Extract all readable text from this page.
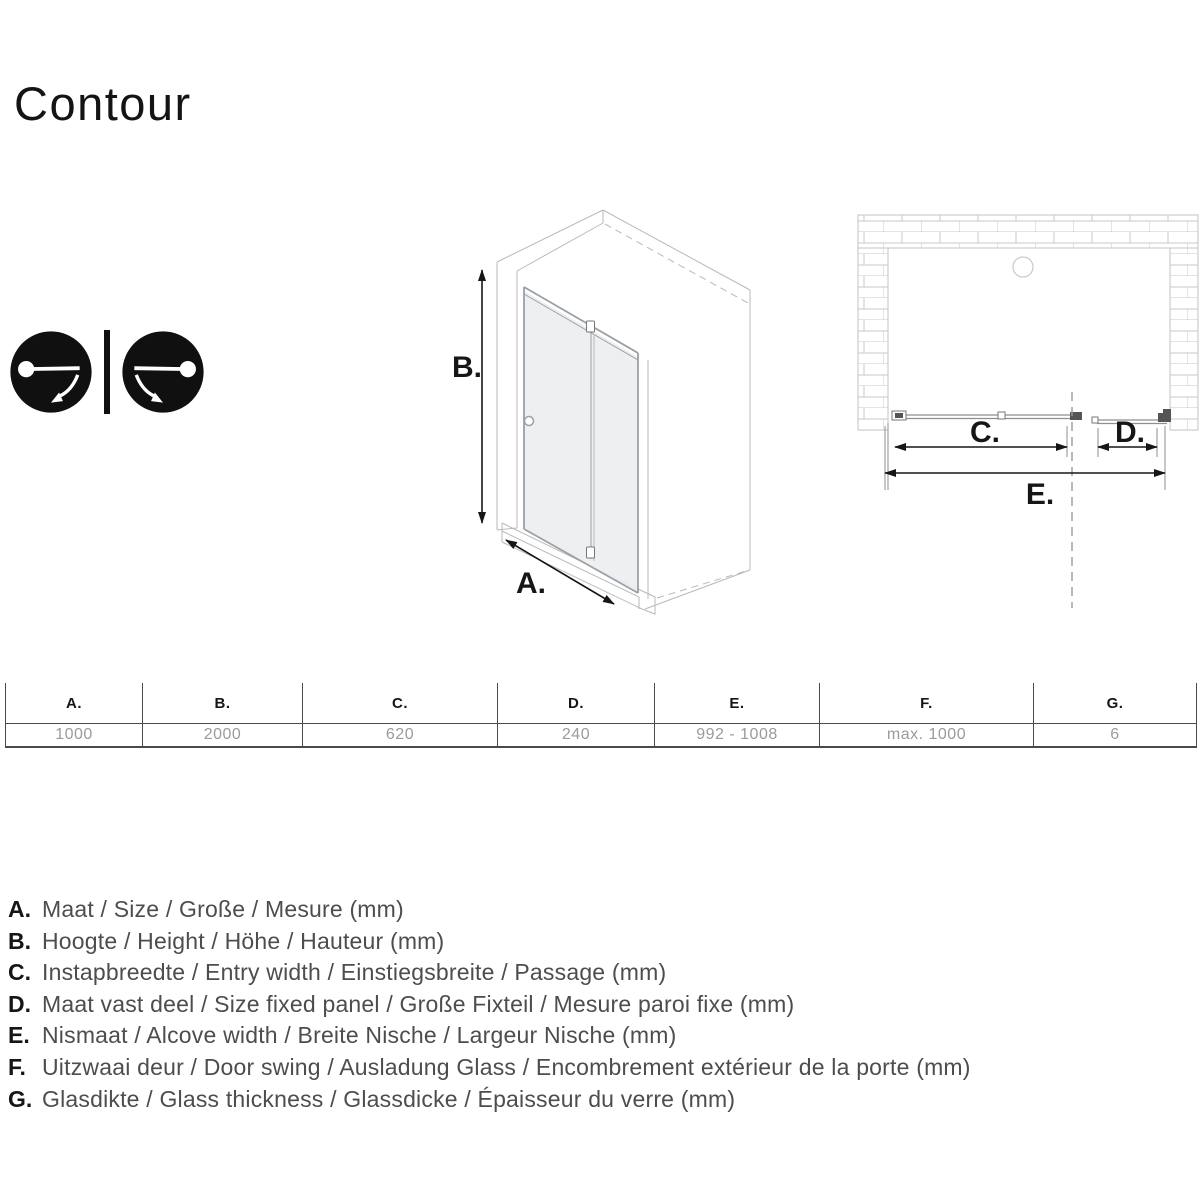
Contour
B.
A.
C.	D.
E.
A.	B.	C.	D.	E.	F.	G.
1000	2000	620	240	992 - 1008	max. 1000	6
A. Maat / Size / Große / Mesure (mm)
B. Hoogte / Height / Höhe / Hauteur (mm)
C. Instapbreedte / Entry width / Einstiegsbreite / Passage (mm)
D. Maat vast deel / Size fixed panel / Große Fixteil / Mesure paroi fixe (mm)
E. Nismaat / Alcove width / Breite Nische / Largeur Nische (mm)
F. Uitzwaai deur / Door swing / Ausladung Glass / Encombrement extérieur de la porte (mm)
G. Glasdikte / Glass thickness / Glassdicke / Épaisseur du verre (mm)
